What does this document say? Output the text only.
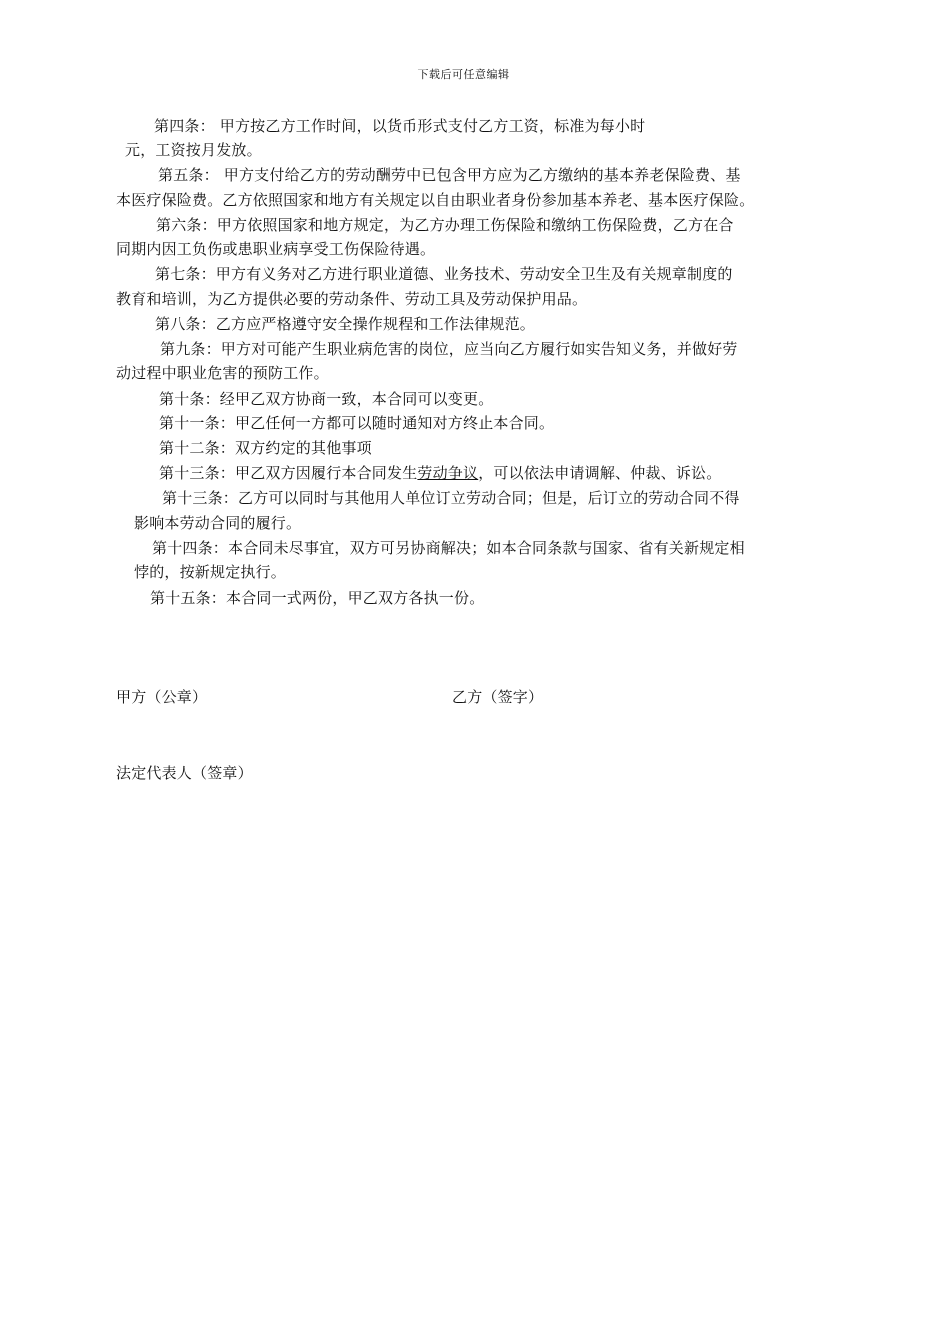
下载后可任意编辑
第四条： 甲方按乙方工作时间，以货币形式支付乙方工资，标准为每小时
元，工资按月发放。
第五条： 甲方支付给乙方的劳动酬劳中已包含甲方应为乙方缴纳的基本养老保险费、基
本医疗保险费。乙方依照国家和地方有关规定以自由职业者身份参加基本养老、基本医疗保险。
第六条：甲方依照国家和地方规定，为乙方办理工伤保险和缴纳工伤保险费，乙方在合
同期内因工负伤或患职业病享受工伤保险待遇。
第七条：甲方有义务对乙方进行职业道德、业务技术、劳动安全卫生及有关规章制度的
教育和培训，为乙方提供必要的劳动条件、劳动工具及劳动保护用品。
第八条：乙方应严格遵守安全操作规程和工作法律规范。
第九条：甲方对可能产生职业病危害的岗位，应当向乙方履行如实告知义务，并做好劳
动过程中职业危害的预防工作。
第十条：经甲乙双方协商一致，本合同可以变更。
第十一条：甲乙任何一方都可以随时通知对方终止本合同。
第十二条：双方约定的其他事项
第十三条：甲乙双方因履行本合同发生劳动争议，可以依法申请调解、仲裁、诉讼。
第十三条：乙方可以同时与其他用人单位订立劳动合同；但是，后订立的劳动合同不得
影响本劳动合同的履行。
第十四条：本合同未尽事宜，双方可另协商解决；如本合同条款与国家、省有关新规定相
悖的，按新规定执行。
第十五条：本合同一式两份，甲乙双方各执一份。
甲方（公章）	乙方（签字）
法定代表人（签章）
